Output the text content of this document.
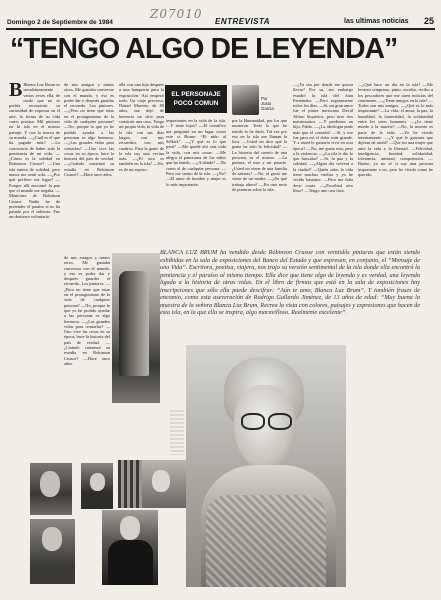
Domingo 2 de Septiembre de 1984
Z07010
ENTREVISTA	las ultimas noticias 25
“TENGO ALGO DE LEYENDA”
B Blanca Luz Brum es simultáneamente varias veces ella, de modo que no se podría reconstruir su curiosidad de expresar en el arte, la forma de su vida como poetisa. Mil pinturas en la isla en el mismo paisaje. Y con la fuerza de su mirada. —¿Cuál es el que ha pagado más? —La conciencia de haber sido la penitencia de mi vida. —¿Cómo es la soledad en Robinson Crusoe? —Una isla entera de soledad, pero nunca me sentí sola. —¿Por qué prefiere ese lugar? —Porque allí encontré la paz que el mundo me negaba. —Montones de Robinson Crusoe. Nadie ha de pretender el paraíso si no ha pasado por el infierno. Fue un destierro voluntario.
de mis amigos y tantos otros. Me gustaba conversar con el mundo, y eso es poder dar y después guardar el recuerdo. Los pintores. —¿Pero no tiene que estar en el protagonismo de la vida de cualquier persona? —No, porque lo que yo he podido ayudar a las personas es algo hermoso. —¿Las grandes vidas para contarlas? —Uno vive las cosas en su época, hace la historia del país de verdad. —¿Cuándo comenzó su estadía en Robinson Crusoe? —Hace once años.
allá con una hija después a una banquería para la exposición. Así empezó todo. Un viaje precioso, Daniel Moreno, de 80 años, me dejó de herencia un sitio para construir una casa. Tengo mi propia vida, la vida de la isla con sus días largos, con mis recuerdos, con mis cuadros. Para la gente de la isla soy una vecina más. —¿El otro es también en la isla? —No, es de mi esposo.
EL PERSONAJE
POCO COMUN
Por
Justo
Garcia
importantes en la vida de la isla. —Y tiene hijos? —El científico me preguntó en un lugar como este si Bruno: “El niño al Selkirk”. —¿Y qué es lo que pasó? —Me quedé ahí casi toda la vida, con mis cosas. —Me alegra el panorama de los niños que ha tenido. —¿A dónde? —No como el de cualquier persona. —Pero me siento de la isla. —¿No? —El amor de hombre y mujer es lo más importante.
por la Humanidad, por los que murieron. Todo lo que he tenido lo he dado. Tal vez por eso en la isla me llaman la loca. —Usted no dice que la gente ha sido la felicidad? —La historia del cuento de una persona, es el mismo. —La pintura, el mar y mi pasado. ¿Usted no viene de una familia de artistas? —No, el gusto me viene de mi madre. —¿En qué trabaja ahora? —En una serie de pinturas sobre la isla.
—¿Ya sea por donde me quiera llevar? Por su, sin embargo estudió la isla del Juan Fernández. —Pero seguramente todos los días. —Si, mi gran amor fue el pintor mexicano David Alfaro Siqueiros, pero tuve tres matrimonios. —Y perdimos un hijo, Pablo. —¿La ideología pudo más que el corazón? —Sí, y eso fue para mí el dolor más grande. Y a usted le gustaría vivir en otra época? —No, me gusta esta, pese a la violencia. —¿La isla le dio lo que buscaba? —Sí, la paz y la soledad. —¿Algún día volverá a la ciudad? —Quién sabe, la vida tiene muchas vueltas y yo he vivido bastante. —Pero me falta decir cosas. —¿Escribirá otro libro? —Tengo uno casi listo.
—¿Qué hace un día en la isla? —Me levanto temprano, pinto, escribo, recibo a los pescadores que me traen noticias del continente. —¿Tiene amigos en la isla? —Todos son mis amigos. —¿Qué es lo más importante? —La vida, el amor, la paz, la humildad, la honestidad, la solidaridad entre los seres humanos. —¿Le tiene miedo a la muerte? —No, la muerte es parte de la vida. —Yo he vivido intensamente. —¿Y qué le gustaría que dijeran de usted? —Que fui una mujer que amó la vida y la libertad. —Felicidad, inteligencia, bondad, solidaridad, tolerancia, amistad, comprensión. —Bueno, yo no sé si soy una persona importante o no, pero he vivido como he querido.
BLANCA LUZ BRUM ha vendido desde Róbinson Crusoe con veintidós pinturas que están siendo exhibidas en la sala de exposiciones del Banco del Estado y que expresan, en conjunto, el “Mensaje de una Vida”. Escritora, poetisa, viajera, nos trajo su versión sentimental de la isla donde ella encontró la penitencia y el paraíso al mismo tiempo. Ella dice que tiene algo de leyenda y es verdad, una leyenda ligada a la historia de otras vidas. En el libro de firmas que está en la sala de exposiciones hay inscripciones que sólo ella puede descifrar: “Aún te amo, Blanca Luz Brum”. Y también frases de encomio, como esta aseveración de Rodrigo Gallardo Jiménez, de 13 años de edad: “Muy buena la muestra de la señora Blanca Luz Brum. Recrea la vista con colores, paisajes y expresiones que hacen de esta isla, en la que ella se inspira, algo maravilloso. Realmente excelente”.
de mis amigos y tantos otros. Me gustaba conversar con el mundo, y eso es poder dar y después guardar el recuerdo. Los pintores. —¿Pero no tiene que estar en el protagonismo de la vida de cualquier persona? —No, porque lo que yo he podido ayudar a las personas es algo hermoso. —¿Las grandes vidas para contarlas? —Uno vive las cosas en su época, hace la historia del país de verdad. —¿Cuándo comenzó su estadía en Robinson Crusoe? —Hace once años.
